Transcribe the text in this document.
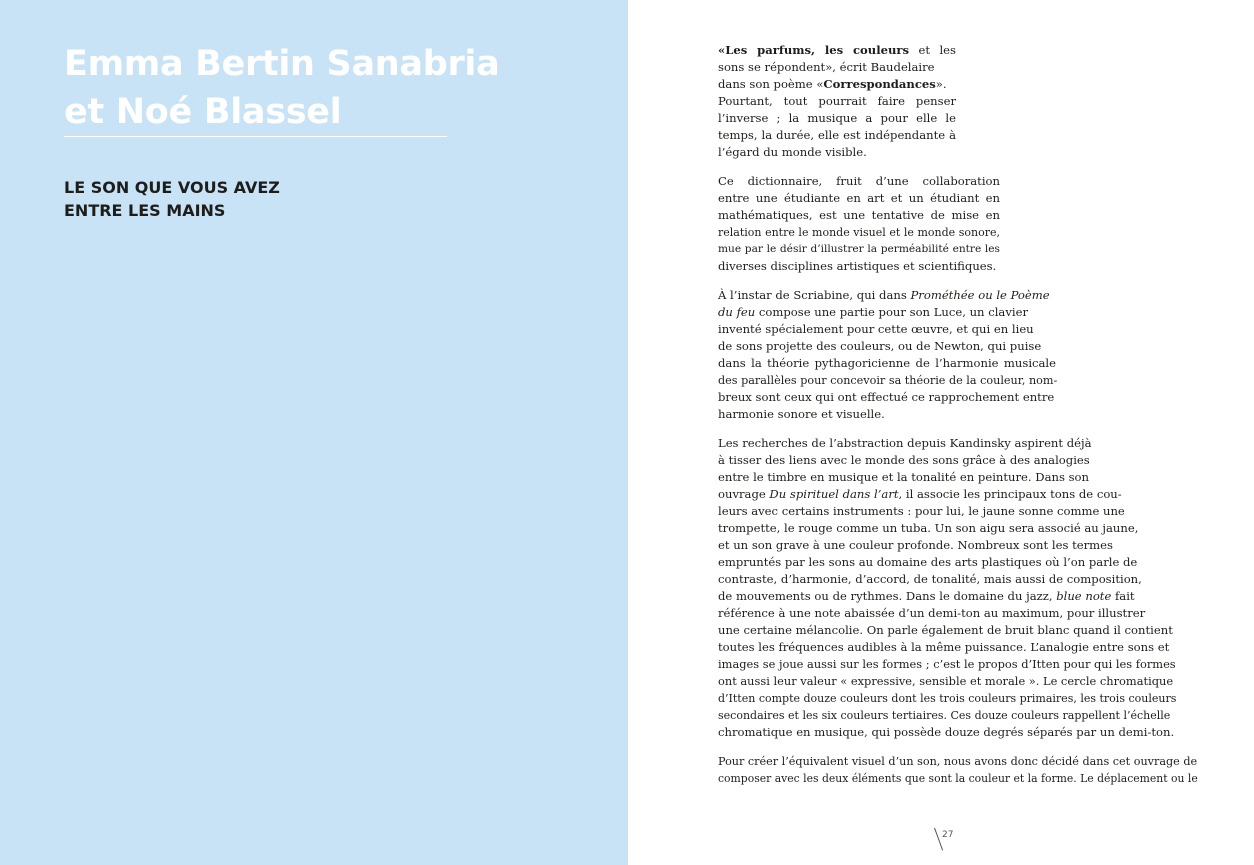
Emma Bertin Sanabria
et Noé Blassel
LE SON QUE VOUS AVEZ
ENTRE LES MAINS
«Les parfums, les couleurs et les
sons se répondent», écrit Baudelaire
dans son poème «Correspondances».
Pourtant, tout pourrait faire penser
l’inverse ; la musique a pour elle le
temps, la durée, elle est indépendante à
l’égard du monde visible.
Ce dictionnaire, fruit d’une collaboration
entre une étudiante en art et un étudiant en
mathématiques, est une tentative de mise en
relation entre le monde visuel et le monde sonore,
mue par le désir d’illustrer la perméabilité entre les
diverses disciplines artistiques et scientifiques.
À l’instar de Scriabine, qui dans Prométhée ou le Poème
du feu compose une partie pour son Luce, un clavier
inventé spécialement pour cette œuvre, et qui en lieu
de sons projette des couleurs, ou de Newton, qui puise
dans la théorie pythagoricienne de l’harmonie musicale
des parallèles pour concevoir sa théorie de la couleur, nom-
breux sont ceux qui ont effectué ce rapprochement entre
harmonie sonore et visuelle.
Les recherches de l’abstraction depuis Kandinsky aspirent déjà
à tisser des liens avec le monde des sons grâce à des analogies
entre le timbre en musique et la tonalité en peinture. Dans son
ouvrage Du spirituel dans l’art, il associe les principaux tons de cou-
leurs avec certains instruments : pour lui, le jaune sonne comme une
trompette, le rouge comme un tuba. Un son aigu sera associé au jaune,
et un son grave à une couleur profonde. Nombreux sont les termes
empruntés par les sons au domaine des arts plastiques où l’on parle de
contraste, d’harmonie, d’accord, de tonalité, mais aussi de composition,
de mouvements ou de rythmes. Dans le domaine du jazz, blue note fait
référence à une note abaissée d’un demi-ton au maximum, pour illustrer
une certaine mélancolie. On parle également de bruit blanc quand il contient
toutes les fréquences audibles à la même puissance. L’analogie entre sons et
images se joue aussi sur les formes ; c’est le propos d’Itten pour qui les formes
ont aussi leur valeur « expressive, sensible et morale ». Le cercle chromatique
d’Itten compte douze couleurs dont les trois couleurs primaires, les trois couleurs
secondaires et les six couleurs tertiaires. Ces douze couleurs rappellent l’échelle
chromatique en musique, qui possède douze degrés séparés par un demi-ton.
Pour créer l’équivalent visuel d’un son, nous avons donc décidé dans cet ouvrage de
composer avec les deux éléments que sont la couleur et la forme. Le déplacement ou le
27
